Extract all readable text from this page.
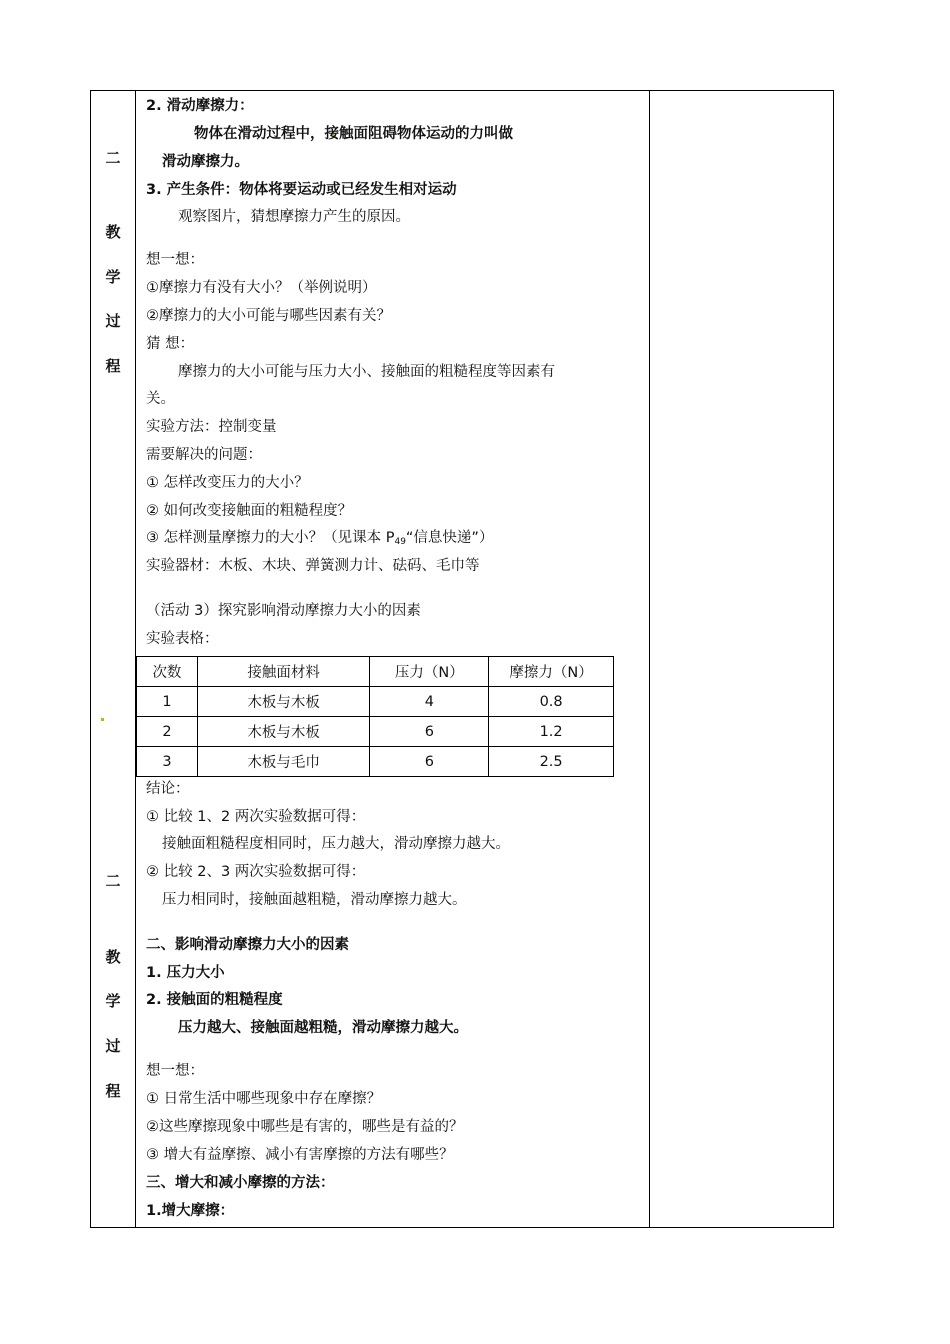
二
教
学
过
程
二
教
学
过
程
2. 滑动摩擦力：
物体在滑动过程中，接触面阻碍物体运动的力叫做
滑动摩擦力。
3. 产生条件：物体将要运动或已经发生相对运动
观察图片，猜想摩擦力产生的原因。
想一想：
①摩擦力有没有大小？（举例说明）
②摩擦力的大小可能与哪些因素有关？
猜 想：
摩擦力的大小可能与压力大小、接触面的粗糙程度等因素有
关。
实验方法：控制变量
需要解决的问题：
① 怎样改变压力的大小？
② 如何改变接触面的粗糙程度？
③ 怎样测量摩擦力的大小？（见课本 $P_{49}“$信息快递”）
实验器材：木板、木块、弹簧测力计、砝码、毛巾等
（活动 3）探究影响滑动摩擦力大小的因素
实验表格：
次数	接触面材料	压力（N）	摩擦力（N）
1	木板与木板	4	0.8
2	木板与木板	6	1.2
3	木板与毛巾	6	2.5
结论：
① 比较 1、2 两次实验数据可得：
接触面粗糙程度相同时，压力越大，滑动摩擦力越大。
② 比较 2、3 两次实验数据可得：
压力相同时，接触面越粗糙，滑动摩擦力越大。
二、影响滑动摩擦力大小的因素
1. 压力大小
2. 接触面的粗糙程度
压力越大、接触面越粗糙，滑动摩擦力越大。
想一想：
① 日常生活中哪些现象中存在摩擦？
②这些摩擦现象中哪些是有害的，哪些是有益的？
③ 增大有益摩擦、减小有害摩擦的方法有哪些？
三、增大和减小摩擦的方法：
1.增大摩擦：
